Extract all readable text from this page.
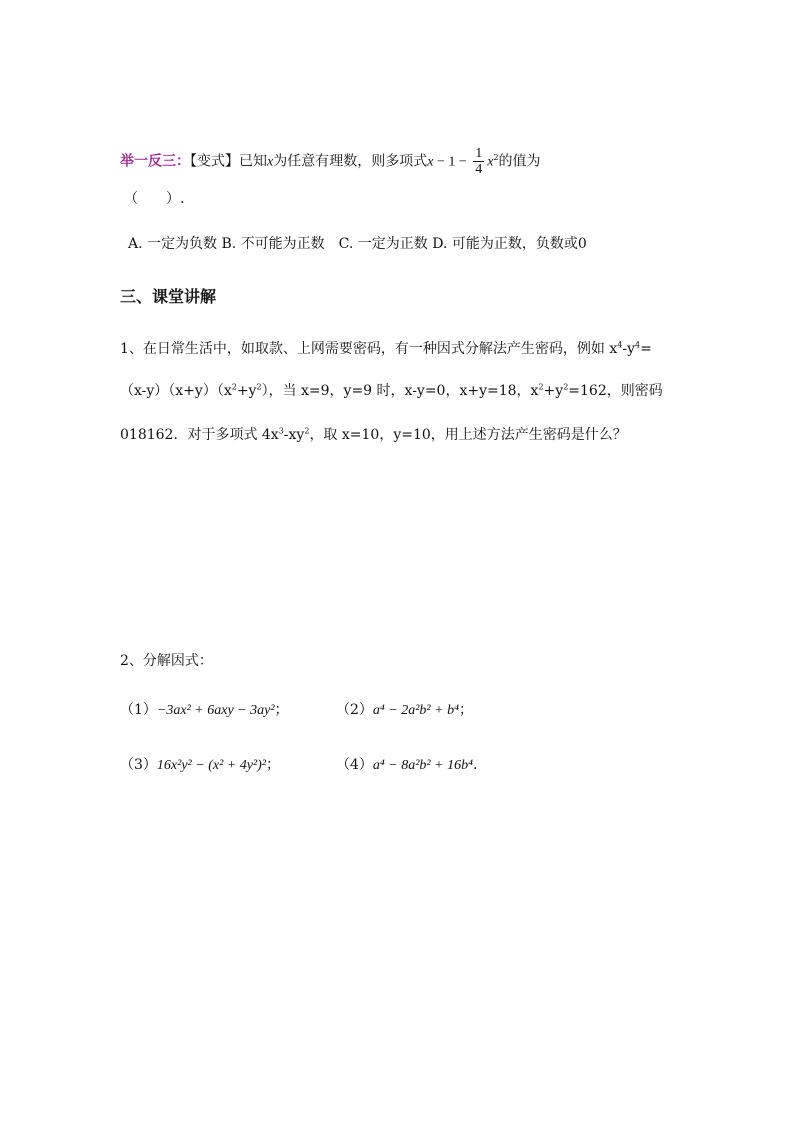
举一反三：【变式】已知x为任意有理数，则多项式$x - 1 - \frac{1}{4} x^2$的值为
（　　）.
A. 一定为负数 B. 不可能为正数　C. 一定为正数 D. 可能为正数，负数或0
三、课堂讲解
1、在日常生活中，如取款、上网需要密码，有一种因式分解法产生密码，例如 $x^4-y^4=$
$(x-y)(x+y)(x^2+y^2)$，当 x=9，y=9 时，x-y=0，x+y=18，$x^2+y^2=162$，则密码
018162．对于多项式 $4x^3-xy^2$，取 x=10，y=10，用上述方法产生密码是什么？
2、分解因式：
（1）−3ax² + 6axy − 3ay²；	（2）a⁴ − 2a²b² + b⁴；
（3）16x²y² − (x² + 4y²)²；	（4）a⁴ − 8a²b² + 16b⁴.
